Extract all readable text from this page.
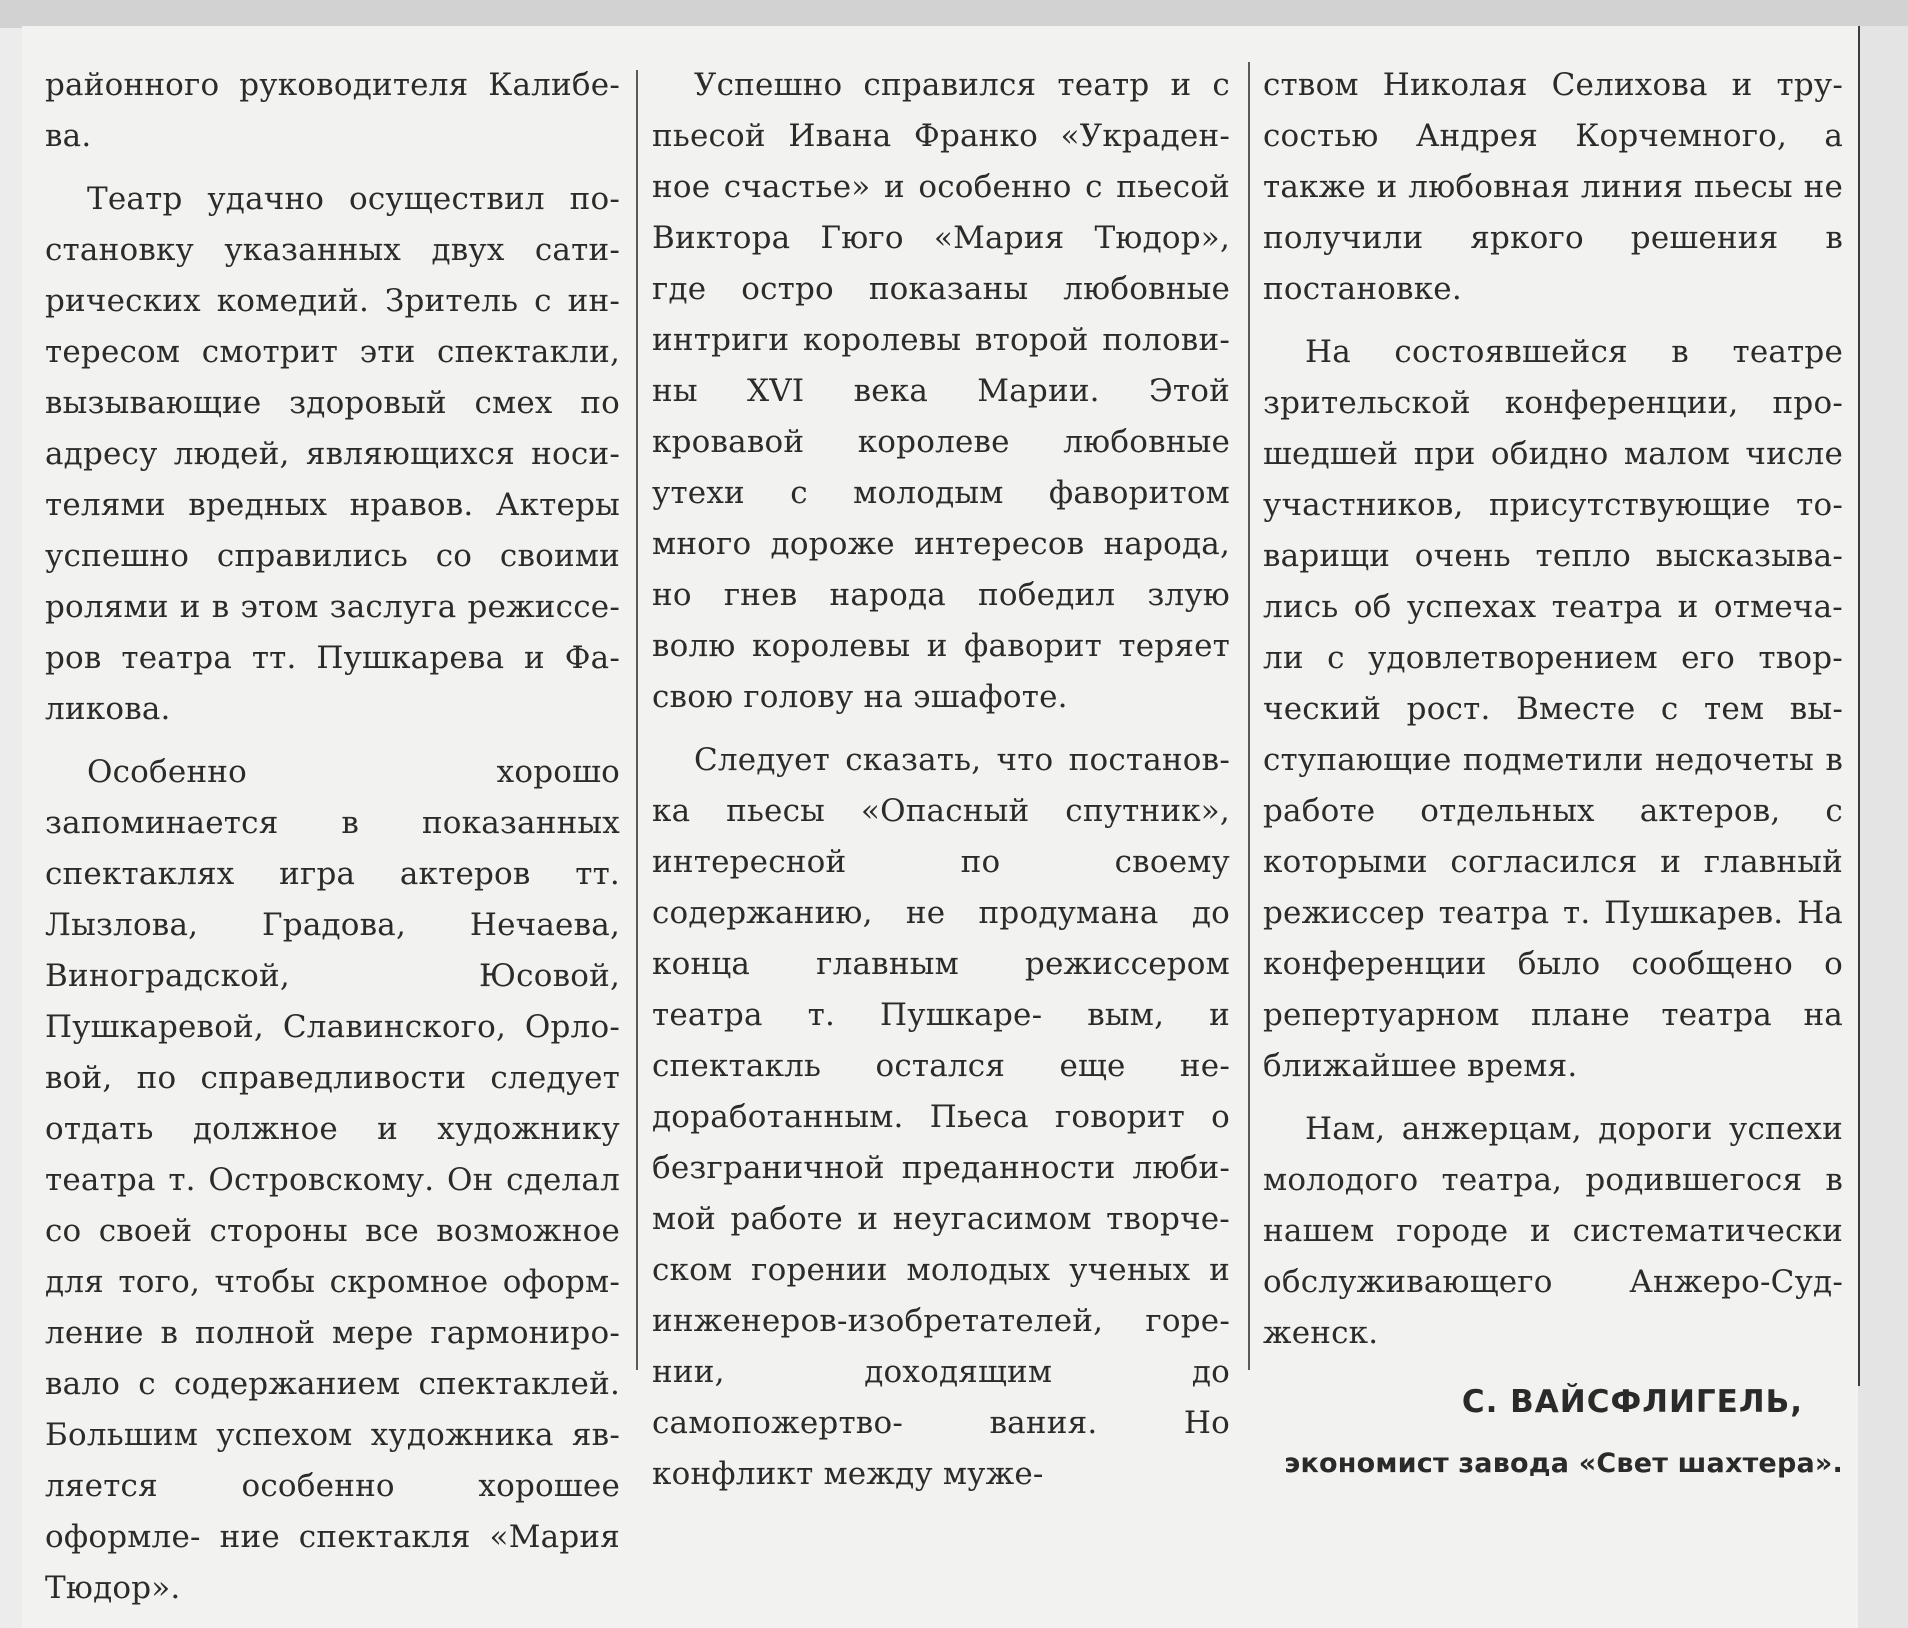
районного руководителя Калибе- ва.

Театр удачно осуществил по- становку указанных двух сати- рических комедий. Зритель с ин- тересом смотрит эти спектакли, вызывающие здоровый смех по адресу людей, являющихся носи- телями вредных нравов. Актеры успешно справились со своими ролями и в этом заслуга режиссе- ров театра тт. Пушкарева и Фа- ликова.

Особенно хорошо запоминается в показанных спектаклях игра актеров тт. Лызлова, Градова, Нечаева, Виноградской, Юсовой, Пушкаревой, Славинского, Орло- вой, по справедливости следует отдать должное и художнику театра т. Островскому. Он сделал со своей стороны все возможное для того, чтобы скромное оформ- ление в полной мере гармониро- вало с содержанием спектаклей. Большим успехом художника яв- ляется особенно хорошее оформле- ние спектакля «Мария Тюдор».

Успешно справился театр и с пьесой Ивана Франко «Украден- ное счастье» и особенно с пьесой Виктора Гюго «Мария Тюдор», где остро показаны любовные интриги королевы второй полови- ны XVI века Марии. Этой кровавой королеве любовные утехи с молодым фаворитом много дороже интересов народа, но гнев народа победил злую волю королевы и фаворит теряет свою голову на эшафоте.

Следует сказать, что постанов- ка пьесы «Опасный спутник», интересной по своему содержанию, не продумана до конца главным режиссером театра т. Пушкаре- вым, и спектакль остался еще не- доработанным. Пьеса говорит о безграничной преданности люби- мой работе и неугасимом творче- ском горении молодых ученых и инженеров-изобретателей, горе- нии, доходящим до самопожертво- вания. Но конфликт между муже-

ством Николая Селихова и тру- состью Андрея Корчемного, а также и любовная линия пьесы не получили яркого решения в постановке.

На состоявшейся в театре зрительской конференции, про- шедшей при обидно малом числе участников, присутствующие то- варищи очень тепло высказыва- лись об успехах театра и отмеча- ли с удовлетворением его твор- ческий рост. Вместе с тем вы- ступающие подметили недочеты в работе отдельных актеров, с которыми согласился и главный режиссер театра т. Пушкарев. На конференции было сообщено о репертуарном плане театра на ближайшее время.

Нам, анжерцам, дороги успехи молодого театра, родившегося в нашем городе и систематически обслуживающего Анжеро-Суд- женск.

С. ВАЙСФЛИГЕЛЬ,
экономист завода «Свет шахтера».
